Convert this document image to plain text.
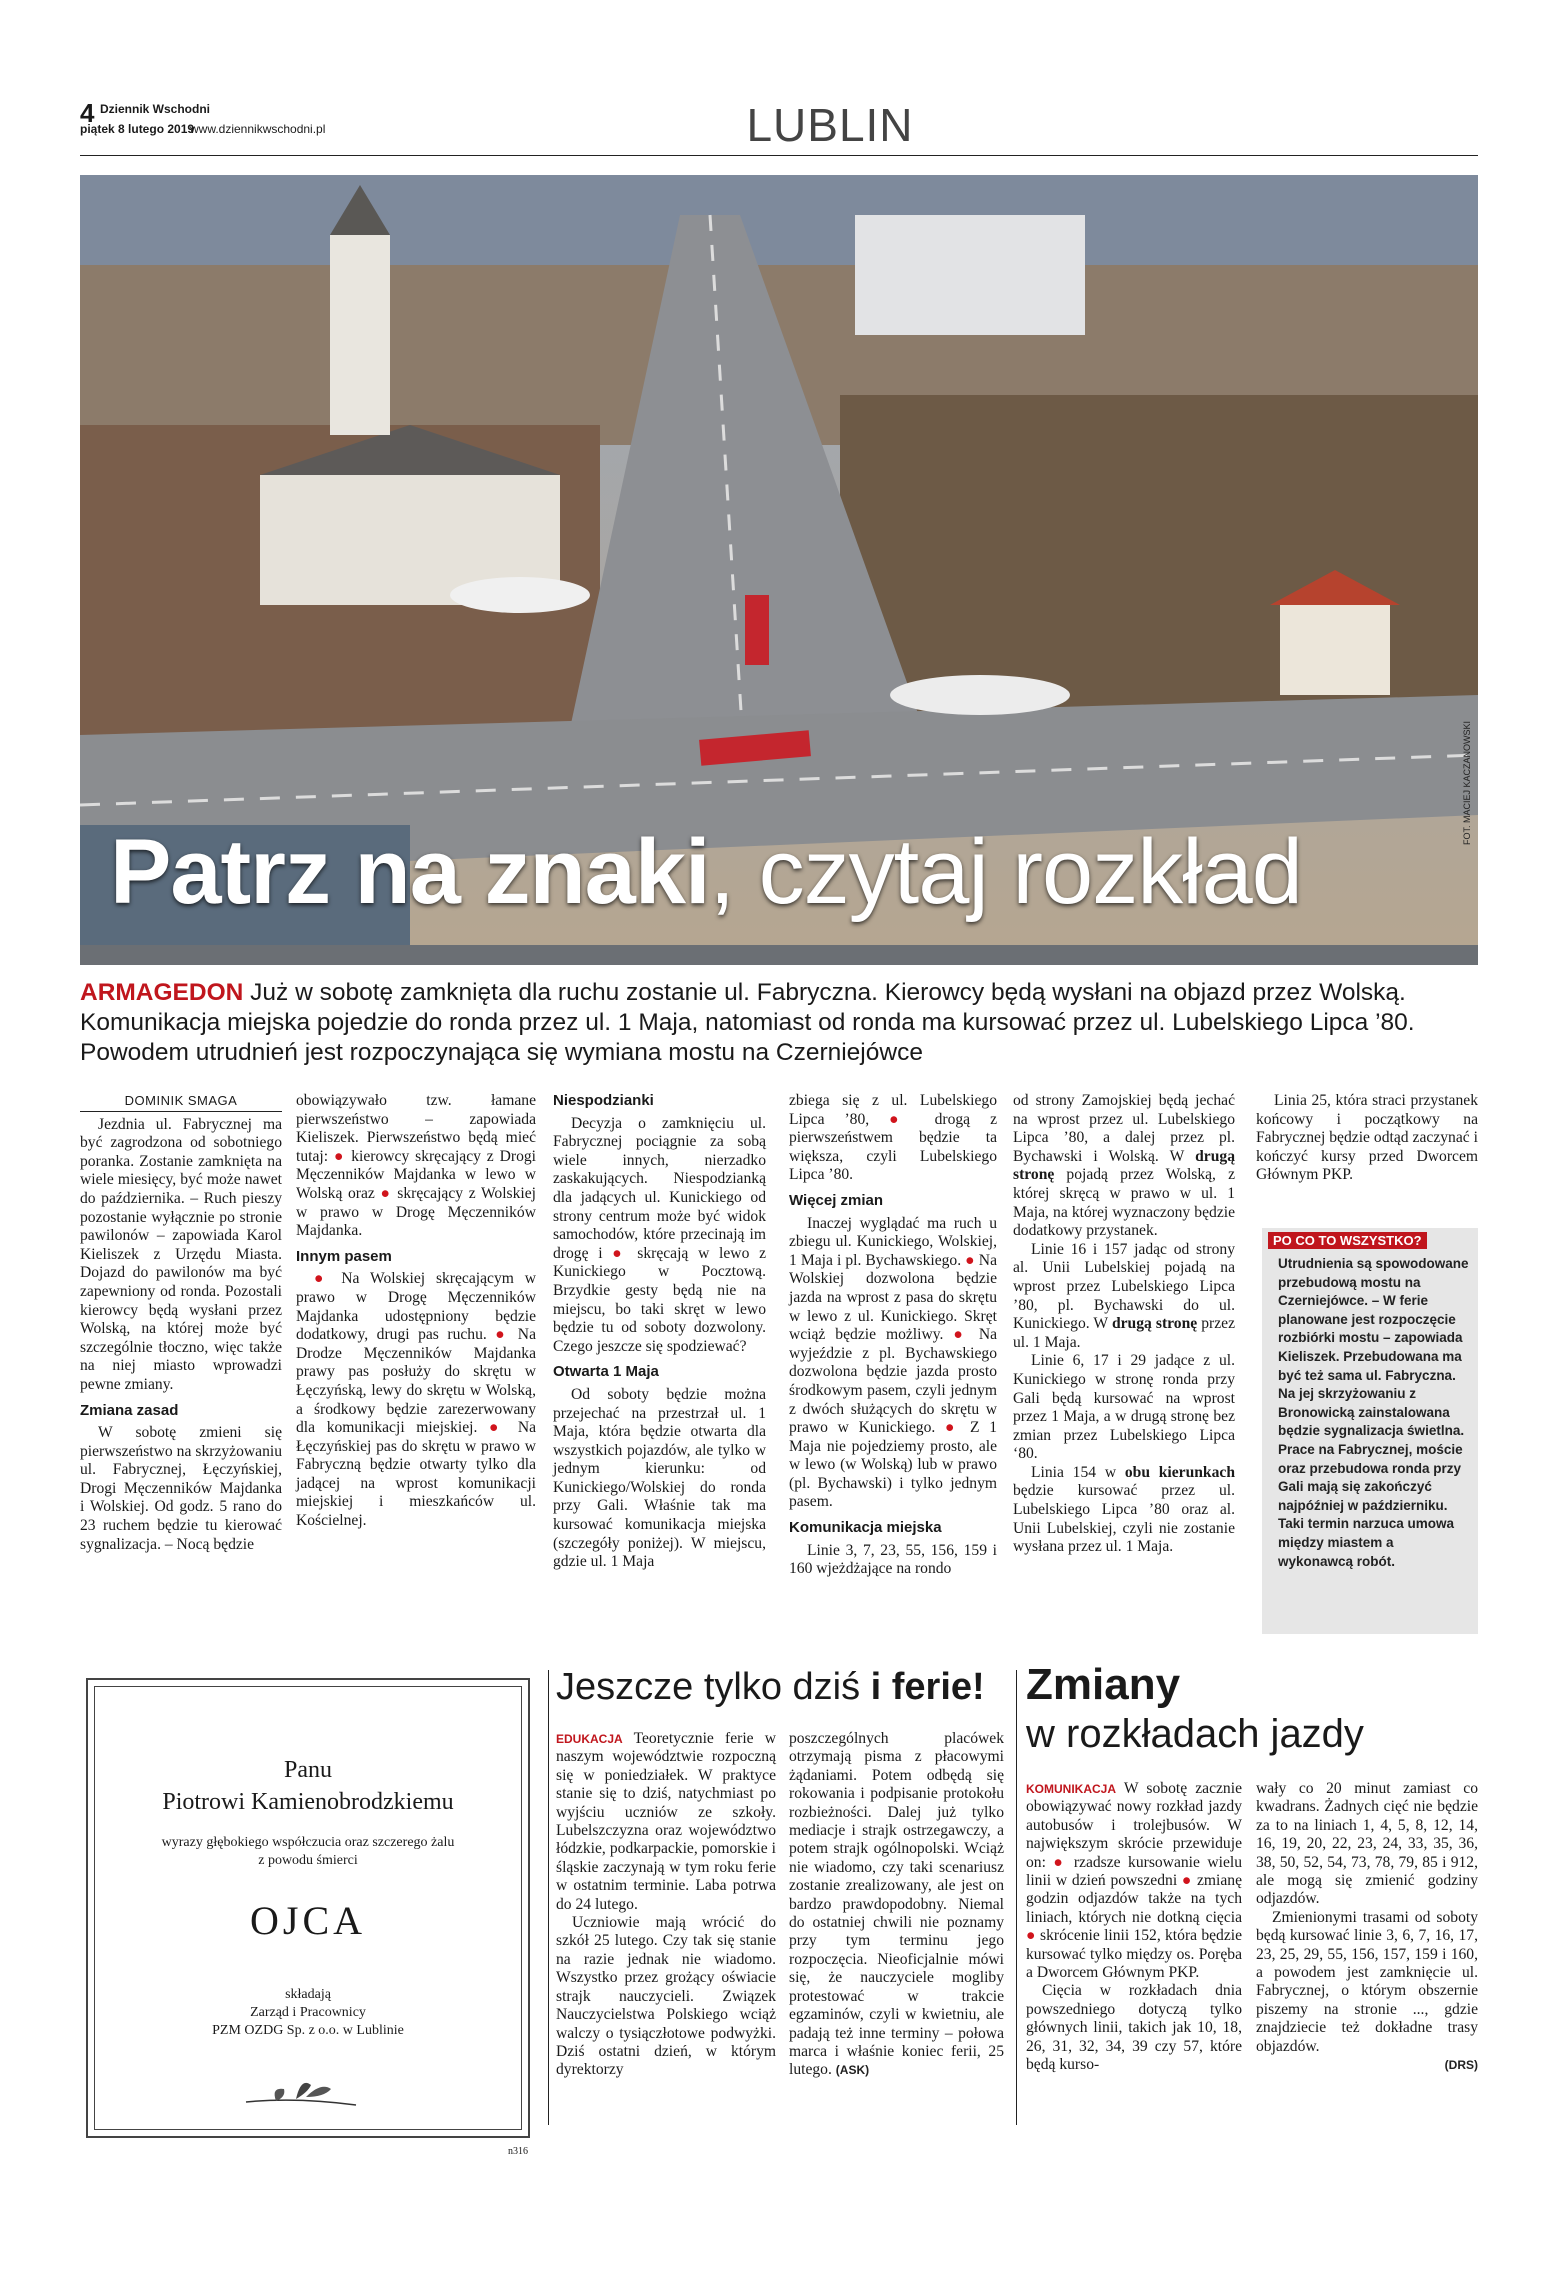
4 Dziennik Wschodni
piątek 8 lutego 2019
www.dziennikwschodni.pl	LUBLIN
Patrz na znaki, czytaj rozkład
FOT. MACIEJ KACZANOWSKI
ARMAGEDON Już w sobotę zamknięta dla ruchu zostanie ul. Fabryczna. Kierowcy będą wysłani na objazd przez Wolską. Komunikacja miejska pojedzie do ronda przez ul. 1 Maja, natomiast od ronda ma kursować przez ul. Lubelskiego Lipca ’80. Powodem utrudnień jest rozpoczynająca się wymiana mostu na Czerniejówce
DOMINIK SMAGA

Jezdnia ul. Fabrycznej ma być zagrodzona od sobotniego poranka. Zostanie zamknięta na wiele miesięcy, być może nawet do października. – Ruch pieszy pozostanie wyłącznie po stronie pawilonów – zapowiada Karol Kieliszek z Urzędu Miasta. Dojazd do pawilonów ma być zapewniony od ronda. Pozostali kierowcy będą wysłani przez Wolską, na której może być szczególnie tłoczno, więc także na niej miasto wprowadzi pewne zmiany.

Zmiana zasad

W sobotę zmieni się pierwszeństwo na skrzyżowaniu ul. Fabrycznej, Łęczyńskiej, Drogi Męczenników Majdanka i Wolskiej. Od godz. 5 rano do 23 ruchem będzie tu kierować sygnalizacja. – Nocą będzie

obowiązywało tzw. łamane pierwszeństwo – zapowiada Kieliszek. Pierwszeństwo będą mieć tutaj: ● kierowcy skręcający z Drogi Męczenników Majdanka w lewo w Wolską oraz ● skręcający z Wolskiej w prawo w Drogę Męczenników Majdanka.

Innym pasem

● Na Wolskiej skręcającym w prawo w Drogę Męczenników Majdanka udostępniony będzie dodatkowy, drugi pas ruchu. ● Na Drodze Męczenników Majdanka prawy pas posłuży do skrętu w Łęczyńską, lewy do skrętu w Wolską, a środkowy będzie zarezerwowany dla komunikacji miejskiej. ● Na Łęczyńskiej pas do skrętu w prawo w Fabryczną będzie otwarty tylko dla jadącej na wprost komunikacji miejskiej i mieszkańców ul. Kościelnej.

Niespodzianki

Decyzja o zamknięciu ul. Fabrycznej pociągnie za sobą wiele innych, nierzadko zaskakujących. Niespodzianką dla jadących ul. Kunickiego od strony centrum może być widok samochodów, które przecinają im drogę i ● skręcają w lewo z Kunickiego w Pocztową. Brzydkie gesty będą nie na miejscu, bo taki skręt w lewo będzie tu od soboty dozwolony. Czego jeszcze się spodziewać?

Otwarta 1 Maja

Od soboty będzie można przejechać na przestrzał ul. 1 Maja, która będzie otwarta dla wszystkich pojazdów, ale tylko w jednym kierunku: od Kunickiego/Wolskiej do ronda przy Gali. Właśnie tak ma kursować komunikacja miejska (szczegóły poniżej). W miejscu, gdzie ul. 1 Maja

zbiega się z ul. Lubelskiego Lipca ’80, ● drogą z pierwszeństwem będzie ta większa, czyli Lubelskiego Lipca ’80.

Więcej zmian

Inaczej wyglądać ma ruch u zbiegu ul. Kunickiego, Wolskiej, 1 Maja i pl. Bychawskiego. ● Na Wolskiej dozwolona będzie jazda na wprost z pasa do skrętu w lewo z ul. Kunickiego. Skręt wciąż będzie możliwy. ● Na wyjeździe z pl. Bychawskiego dozwolona będzie jazda prosto środkowym pasem, czyli jednym z dwóch służących do skrętu w prawo w Kunickiego. ● Z 1 Maja nie pojedziemy prosto, ale w lewo (w Wolską) lub w prawo (pl. Bychawski) i tylko jednym pasem.

Komunikacja miejska

Linie 3, 7, 23, 55, 156, 159 i 160 wjeżdżające na rondo

od strony Zamojskiej będą jechać na wprost przez ul. Lubelskiego Lipca ’80, a dalej przez pl. Bychawski i Wolską. W drugą stronę pojadą przez Wolską, z której skręcą w prawo w ul. 1 Maja, na której wyznaczony będzie dodatkowy przystanek.

Linie 16 i 157 jadąc od strony al. Unii Lubelskiej pojadą na wprost przez Lubelskiego Lipca ’80, pl. Bychawski do ul. Kunickiego. W drugą stronę przez ul. 1 Maja.

Linie 6, 17 i 29 jadące z ul. Kunickiego w stronę ronda przy Gali będą kursować na wprost przez 1 Maja, a w drugą stronę bez zmian przez Lubelskiego Lipca ‘80.

Linia 154 w obu kierunkach będzie kursować przez ul. Lubelskiego Lipca ’80 oraz al. Unii Lubelskiej, czyli nie zostanie wysłana przez ul. 1 Maja.

Linia 25, która straci przystanek końcowy i początkowy na Fabrycznej będzie odtąd zaczynać i kończyć kursy przed Dworcem Głównym PKP.

PO CO TO WSZYSTKO?
Utrudnienia są spowodowane przebudową mostu na Czerniejówce. – W ferie planowane jest rozpoczęcie rozbiórki mostu – zapowiada Kieliszek. Przebudowana ma być też sama ul. Fabryczna. Na jej skrzyżowaniu z Bronowicką zainstalowana będzie sygnalizacja świetlna. Prace na Fabrycznej, moście oraz przebudowa ronda przy Gali mają się zakończyć najpóźniej w październiku. Taki termin narzuca umowa między miastem a wykonawcą robót.
Panu
Piotrowi Kamienobrodzkiemu
wyrazy głębokiego współczucia oraz szczerego żalu
z powodu śmierci
OJCA
składają
Zarząd i Pracownicy
PZM OZDG Sp. z o.o. w Lublinie
n316
Jeszcze tylko dziś i ferie!

EDUKACJA Teoretycznie ferie w naszym województwie rozpoczną się w poniedziałek. W praktyce stanie się to dziś, natychmiast po wyjściu uczniów ze szkoły. Lubelszczyzna oraz województwo łódzkie, podkarpackie, pomorskie i śląskie zaczynają w tym roku ferie w ostatnim terminie. Laba potrwa do 24 lutego.

Uczniowie mają wrócić do szkół 25 lutego. Czy tak się stanie na razie jednak nie wiadomo. Wszystko przez grożący oświacie strajk nauczycieli. Związek Nauczycielstwa Polskiego wciąż walczy o tysiączłotowe podwyżki. Dziś ostatni dzień, w którym dyrektorzy

poszczególnych placówek otrzymają pisma z płacowymi żądaniami. Potem odbędą się rokowania i podpisanie protokołu rozbieżności. Dalej już tylko mediacje i strajk ostrzegawczy, a potem strajk ogólnopolski. Wciąż nie wiadomo, czy taki scenariusz zostanie zrealizowany, ale jest on bardzo prawdopodobny. Niemal do ostatniej chwili nie poznamy przy tym terminu jego rozpoczęcia. Nieoficjalnie mówi się, że nauczyciele mogliby protestować w trakcie egzaminów, czyli w kwietniu, ale padają też inne terminy – połowa marca i właśnie koniec ferii, 25 lutego. (ASK)

Zmiany
w rozkładach jazdy

KOMUNIKACJA W sobotę zacznie obowiązywać nowy rozkład jazdy autobusów i trolejbusów. W największym skrócie przewiduje on: ● rzadsze kursowanie wielu linii w dzień powszedni ● zmianę godzin odjazdów także na tych liniach, których nie dotkną cięcia ● skrócenie linii 152, która będzie kursować tylko między os. Poręba a Dworcem Głównym PKP.

Cięcia w rozkładach dnia powszedniego dotyczą tylko głównych linii, takich jak 10, 18, 26, 31, 32, 34, 39 czy 57, które będą kurso-

wały co 20 minut zamiast co kwadrans. Żadnych cięć nie będzie za to na liniach 1, 4, 5, 8, 12, 14, 16, 19, 20, 22, 23, 24, 33, 35, 36, 38, 50, 52, 54, 73, 78, 79, 85 i 912, ale mogą się zmienić godziny odjazdów.

Zmienionymi trasami od soboty będą kursować linie 3, 6, 7, 16, 17, 23, 25, 29, 55, 156, 157, 159 i 160, a powodem jest zamknięcie ul. Fabrycznej, o którym obszernie piszemy na stronie ..., gdzie znajdziecie też dokładne trasy objazdów.

(DRS)
